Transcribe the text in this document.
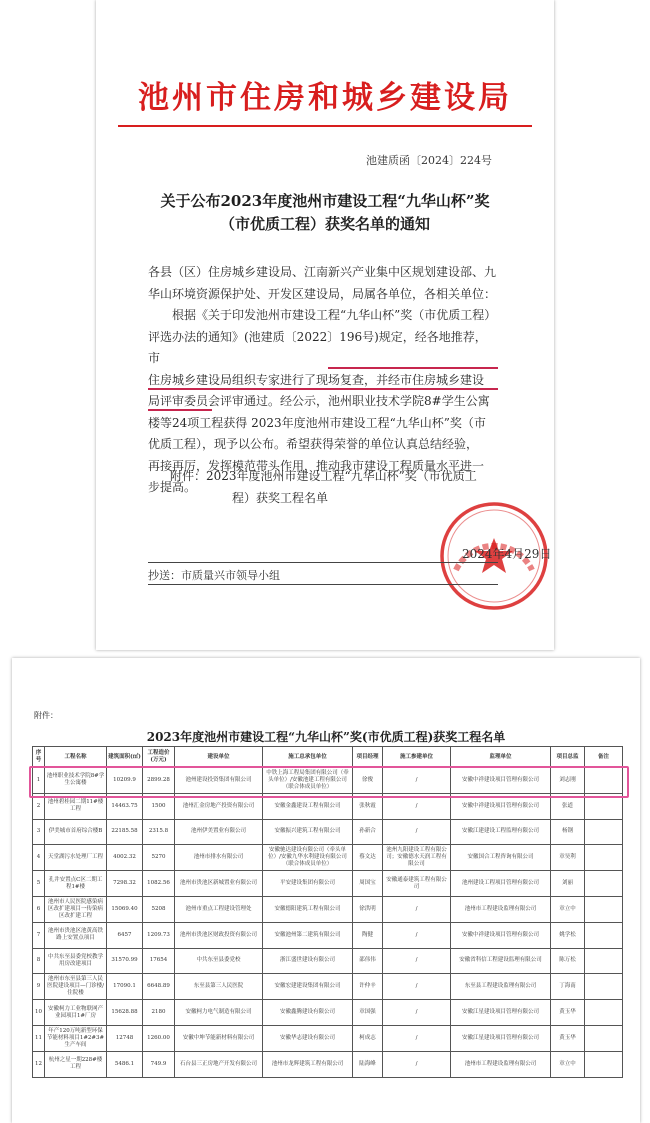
池州市住房和城乡建设局
池建质函〔2024〕224号
关于公布2023年度池州市建设工程“九华山杯”奖
（市优质工程）获奖名单的通知
各县（区）住房城乡建设局、江南新兴产业集中区规划建设部、九
华山环境资源保护处、开发区建设局，局属各单位，各相关单位：
根据《关于印发池州市建设工程“九华山杯”奖（市优质工程）
评选办法的通知》(池建质〔2022〕196号)规定，经各地推荐，市
住房城乡建设局组织专家进行了现场复查，并经市住房城乡建设
局评审委员会评审通过。经公示，池州职业技术学院8#学生公寓
楼等24项工程获得 2023年度池州市建设工程“九华山杯”奖（市
优质工程），现予以公布。希望获得荣誉的单位认真总结经验，
再接再厉，发挥模范带头作用，推动我市建设工程质量水平进一
步提高。
附件：2023年度池州市建设工程“九华山杯”奖（市优质工
程）获奖工程名单
2024年4月29日
抄送：市质量兴市领导小组
附件：
2023年度池州市建设工程“九华山杯”奖(市优质工程)获奖工程名单
序号	工程名称	建筑面积(㎡)	工程造价(万元)	建设单位	施工总承包单位	项目经理	施工参建单位	监理单位	项目总监	备注
1	池州职业技术学院8#学生公寓楼	10209.9	2899.28	池州建设投资集团有限公司	中铁上海工程局集团有限公司（牵头单位）/安徽池建工程有限公司（联合体成员单位）	徐俊	/	安徽中祥建设项目管理有限公司	刘志刚	
2	池州碧桂园二期11#楼工程	14463.75	1500	池州汇金房地产投资有限公司	安徽金鑫建设工程有限公司	张秋霞	/	安徽中祥建设项目管理有限公司	张道	
3	伊美城市首府综合楼B	22185.58	2315.8	池州伊美置业有限公司	安徽振兴建筑工程有限公司	孙新合	/	安徽江建建设工程监理有限公司	杨钢	
4	天堂湖污水处理厂工程	4002.32	5270	池州市排水有限公司	安徽驰达建设有限公司（牵头单位）/安徽九华水利建设有限公司（联合体成员单位）	蔡文达	池州九阳建设工程有限公司；安徽德水天润工程有限公司	安徽国合工程咨询有限公司	章昊利	
5	孔井安置点C区二期工程1#楼	7298.32	1082.56	池州市贵池区新城置业有限公司	平安建设集团有限公司	周国宝	安徽通泰建筑工程有限公司	池州建设工程项目管理有限公司	刘丽	
6	池州市人民医院感染病区改扩建项目一传染病区改扩建工程	15069.40	5208	池州市重点工程建设管理处	安徽德阳建筑工程有限公司	徐洪明	/	池州市工程建设监理有限公司	章立中	
7	池州市贵池区池黄高铁路上安置点项目	6457	1209.73	池州市贵池区财政投资有限公司	安徽池州第二建筑有限公司	陶健	/	安徽中祥建设项目管理有限公司	姚学松	
8	中共东至县委党校教学用房改建项目	31570.99	17654	中共东至县委党校	浙江盛世建设有限公司	邵伟伟	/	安徽省科信工程建设监理有限公司	陈万松	
9	池州市东至县第三人民医院建设项目—门诊楼/住院楼	17090.1	6648.89	东至县第三人民医院	安徽宏建建设集团有限公司	许仲辛	/	东至县工程建设监理有限公司	丁海南	
10	安徽柯力工业物联网产业园项目1#厂房	15628.88	2180	安徽柯力电气制造有限公司	安徽鑫腾建设有限公司	章国强	/	安徽江星建设项目管理有限公司	黄玉华	
11	年产120万吨新型环保节能材料项目1#2#3#生产车间	12748	1260.00	安徽中坤节能新材料有限公司	安徽华志建设有限公司	柯成志	/	安徽江星建设项目管理有限公司	黄玉华	
12	杭州之星一期228#楼工程	5486.1	749.9	石台县三正房地产开发有限公司	池州市龙辉建筑工程有限公司	陆海峰	/	池州市工程建设监理有限公司	章立中	
